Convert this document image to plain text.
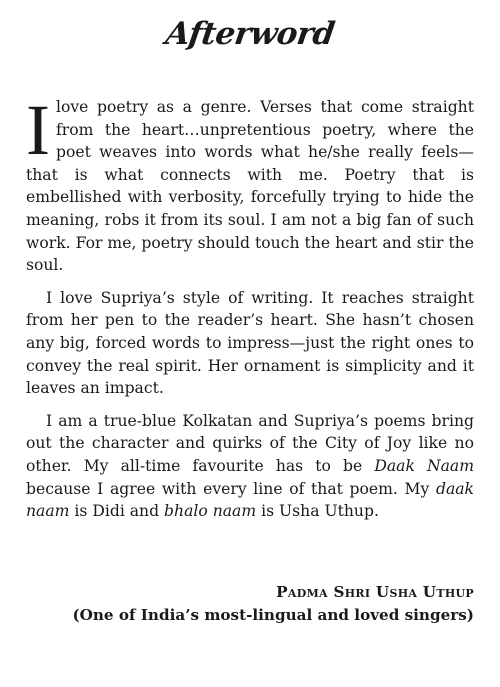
Afterword

Ilove poetry as a genre. Verses that come straight from the heart…unpretentious poetry, where the poet weaves into words what he/she really feels—that is what connects with me. Poetry that is embellished with verbosity, forcefully trying to hide the meaning, robs it from its soul. I am not a big fan of such work. For me, poetry should touch the heart and stir the soul.

I love Supriya’s style of writing. It reaches straight from her pen to the reader’s heart. She hasn’t chosen any big, forced words to impress—just the right ones to convey the real spirit. Her ornament is simplicity and it leaves an impact.

I am a true-blue Kolkatan and Supriya’s poems bring out the character and quirks of the City of Joy like no other. My all-time favourite has to be Daak Naam because I agree with every line of that poem. My daak naam is Didi and bhalo naam is Usha Uthup.

Padma Shri Usha Uthup
(One of India’s most-lingual and loved singers)
